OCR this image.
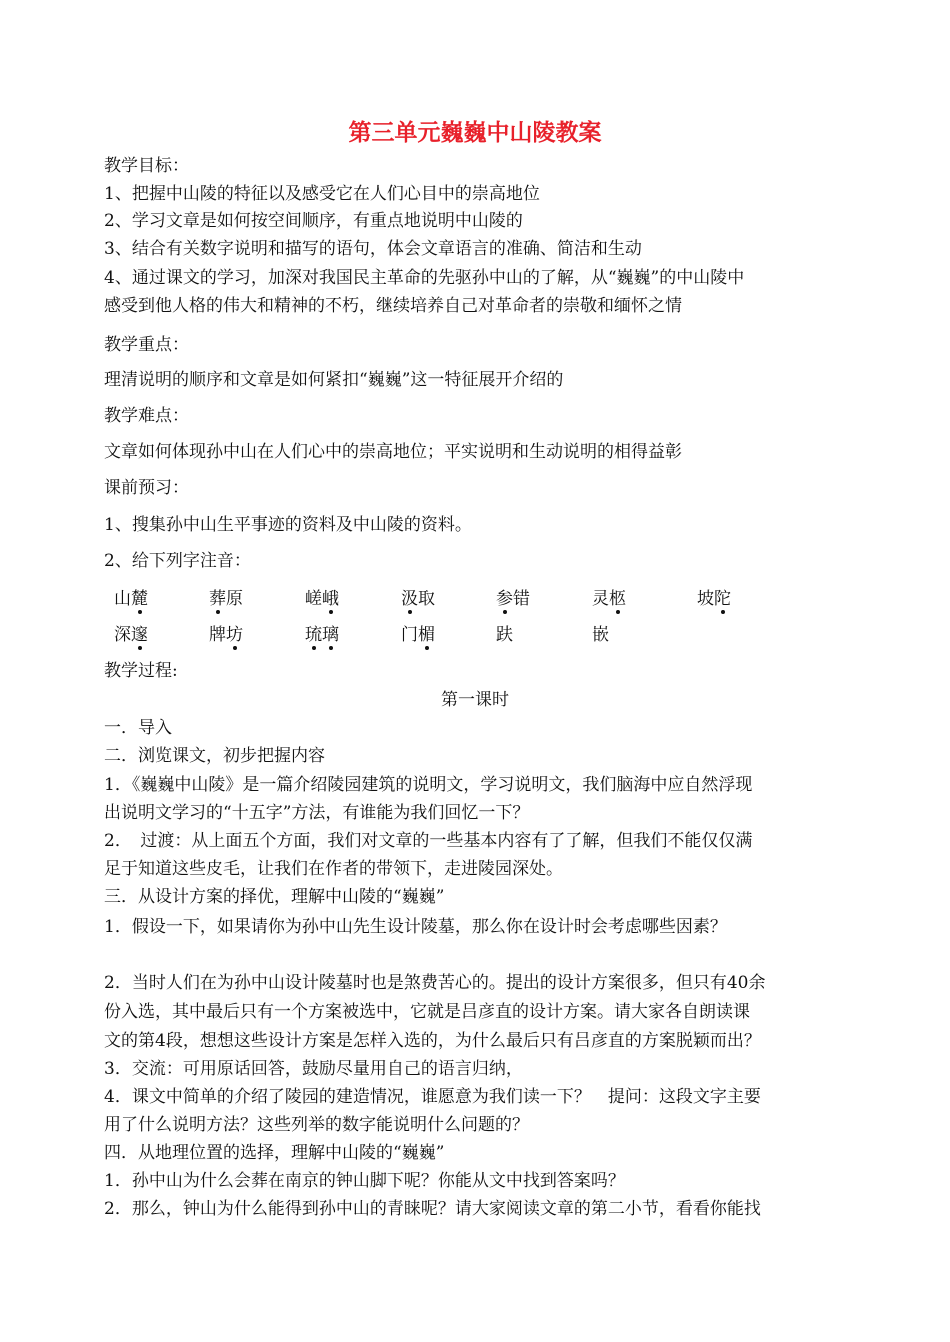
第三单元巍巍中山陵教案
教学目标：
1、把握中山陵的特征以及感受它在人们心目中的崇高地位
2、学习文章是如何按空间顺序，有重点地说明中山陵的
3、结合有关数字说明和描写的语句，体会文章语言的准确、简洁和生动
4、通过课文的学习，加深对我国民主革命的先驱孙中山的了解，从“巍巍”的中山陵中
感受到他人格的伟大和精神的不朽，继续培养自己对革命者的崇敬和缅怀之情
教学重点：
理清说明的顺序和文章是如何紧扣“巍巍”这一特征展开介绍的
教学难点：
文章如何体现孙中山在人们心中的崇高地位；平实说明和生动说明的相得益彰
课前预习：
1、搜集孙中山生平事迹的资料及中山陵的资料。
2、给下列字注音：
山麓	葬原	嵯峨	汲取	参错	灵柩	坡陀
深邃	牌坊	琉璃	门楣	趺	嵌
教学过程:
第一课时
一．导入
二．浏览课文，初步把握内容
1．《巍巍中山陵》是一篇介绍陵园建筑的说明文，学习说明文，我们脑海中应自然浮现
出说明文学习的“十五字”方法，有谁能为我们回忆一下？
2．　过渡：从上面五个方面，我们对文章的一些基本内容有了了解，但我们不能仅仅满
足于知道这些皮毛，让我们在作者的带领下，走进陵园深处。
三．从设计方案的择优，理解中山陵的“巍巍”
1．假设一下，如果请你为孙中山先生设计陵墓，那么你在设计时会考虑哪些因素？
2．当时人们在为孙中山设计陵墓时也是煞费苦心的。提出的设计方案很多，但只有40余
份入选，其中最后只有一个方案被选中，它就是吕彦直的设计方案。请大家各自朗读课
文的第4段，想想这些设计方案是怎样入选的，为什么最后只有吕彦直的方案脱颖而出？
3．交流：可用原话回答，鼓励尽量用自己的语言归纳，
4．课文中简单的介绍了陵园的建造情况，谁愿意为我们读一下？　提问：这段文字主要
用了什么说明方法？这些列举的数字能说明什么问题的？
四．从地理位置的选择，理解中山陵的“巍巍”
1．孙中山为什么会葬在南京的钟山脚下呢？你能从文中找到答案吗？
2．那么，钟山为什么能得到孙中山的青睐呢？请大家阅读文章的第二小节，看看你能找
